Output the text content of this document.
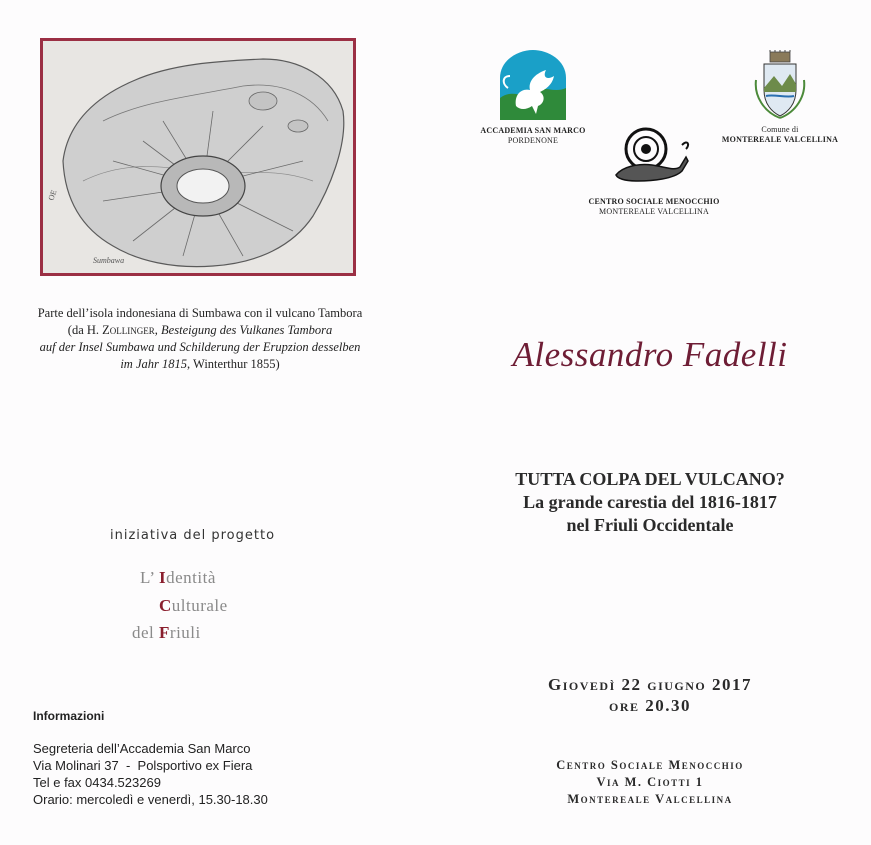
OE
Sumbawa
Parte dell’isola indonesiana di Sumbawa con il vulcano Tambora
(da H. Zollinger, Besteigung des Vulkanes Tambora
auf der Insel Sumbawa und Schilderung der Erupzion desselben
im Jahr 1815, Winterthur 1855)
ACCADEMIA SAN MARCO
PORDENONE
Comune di
MONTEREALE VALCELLINA
CENTRO SOCIALE MENOCCHIO
MONTEREALE VALCELLINA
Alessandro Fadelli
TUTTA COLPA DEL VULCANO?
La grande carestia del 1816-1817
nel Friuli Occidentale
Giovedì 22 giugno 2017
ore 20.30
Centro Sociale Menocchio
Via M. Ciotti 1
Montereale Valcellina
iniziativa del progetto
L’ Identità
Culturale
del Friuli
Informazioni
Segreteria dell’Accademia San Marco
Via Molinari 37  -  Polsportivo ex Fiera
Tel e fax 0434.523269
Orario: mercoledì e venerdì, 15.30-18.30
